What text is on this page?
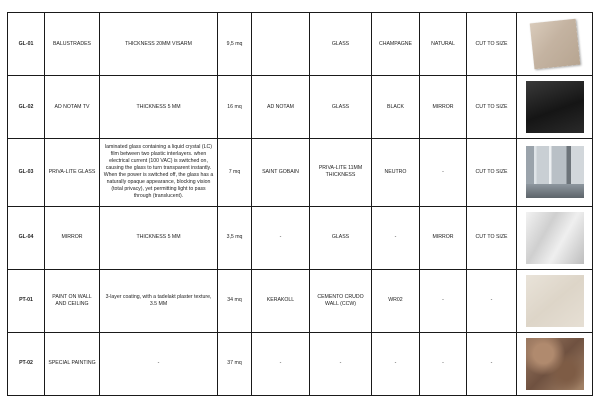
GL-01	BALUSTRADES	THICKNESS 20MM VISARM	9,5 mq		GLASS	CHAMPAGNE	NATURAL	CUT TO SIZE	

GL-02	AD NOTAM TV	THICKNESS 5 MM	16 mq	AD NOTAM	GLASS	BLACK	MIRROR	CUT TO SIZE	

GL-03	PRIVA-LITE GLASS	laminated glass containing a liquid crystal (LC) film between two plastic interlayers. when electrical current (100 VAC) is switched on, causing the glass to turn transparent instantly. When the power is switched off, the glass has a naturally opaque appearance, blocking vision (total privacy), yet permitting light to pass through (translucent).	7 mq	SAINT GOBAIN	PRIVA-LITE 11MM THICKNESS	NEUTRO	-	CUT TO SIZE	

GL-04	MIRROR	THICKNESS 5 MM	3,5 mq	-	GLASS	-	MIRROR	CUT TO SIZE	

PT-01	PAINT ON WALL AND CEILING	3-layer coating, with a tadelakt plaster texture, 3.5 MM	34 mq	KERAKOLL	CEMENTO CRUDO WALL (CCW)	WR02	-	-	

PT-02	SPECIAL PAINTING	-	37 mq	-	-	-	-	-	
